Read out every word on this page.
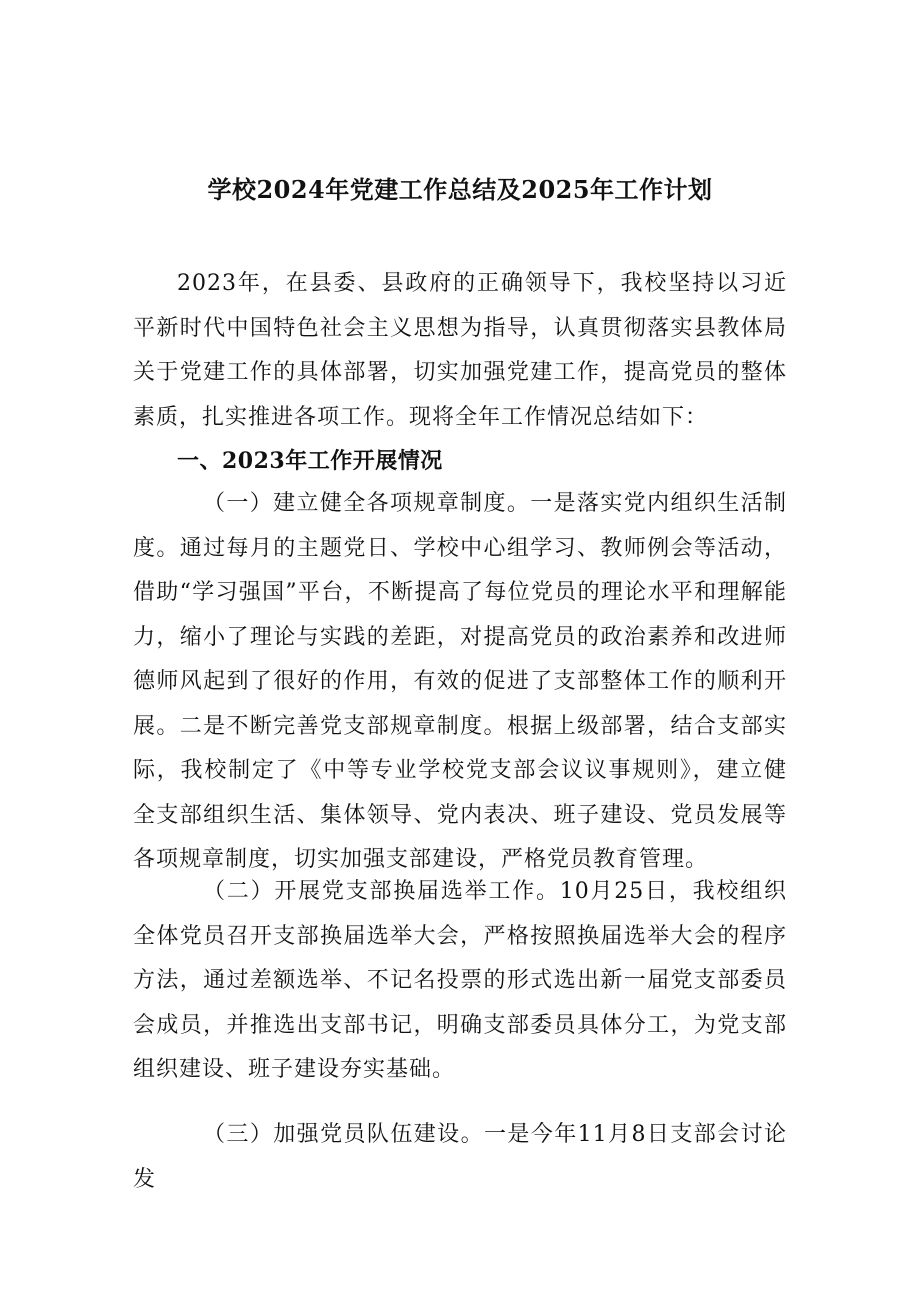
学校2024年党建工作总结及2025年工作计划
2023年，在县委、县政府的正确领导下，我校坚持以习近平新时代中国特色社会主义思想为指导，认真贯彻落实县教体局关于党建工作的具体部署，切实加强党建工作，提高党员的整体素质，扎实推进各项工作。现将全年工作情况总结如下：
一、2023年工作开展情况
（一）建立健全各项规章制度。一是落实党内组织生活制度。通过每月的主题党日、学校中心组学习、教师例会等活动，借助“学习强国”平台，不断提高了每位党员的理论水平和理解能力，缩小了理论与实践的差距，对提高党员的政治素养和改进师德师风起到了很好的作用，有效的促进了支部整体工作的顺利开展。二是不断完善党支部规章制度。根据上级部署，结合支部实际，我校制定了《中等专业学校党支部会议议事规则》，建立健全支部组织生活、集体领导、党内表决、班子建设、党员发展等各项规章制度，切实加强支部建设，严格党员教育管理。
（二）开展党支部换届选举工作。10月25日，我校组织全体党员召开支部换届选举大会，严格按照换届选举大会的程序方法，通过差额选举、不记名投票的形式选出新一届党支部委员会成员，并推选出支部书记，明确支部委员具体分工，为党支部组织建设、班子建设夯实基础。
（三）加强党员队伍建设。一是今年11月8日支部会讨论发
